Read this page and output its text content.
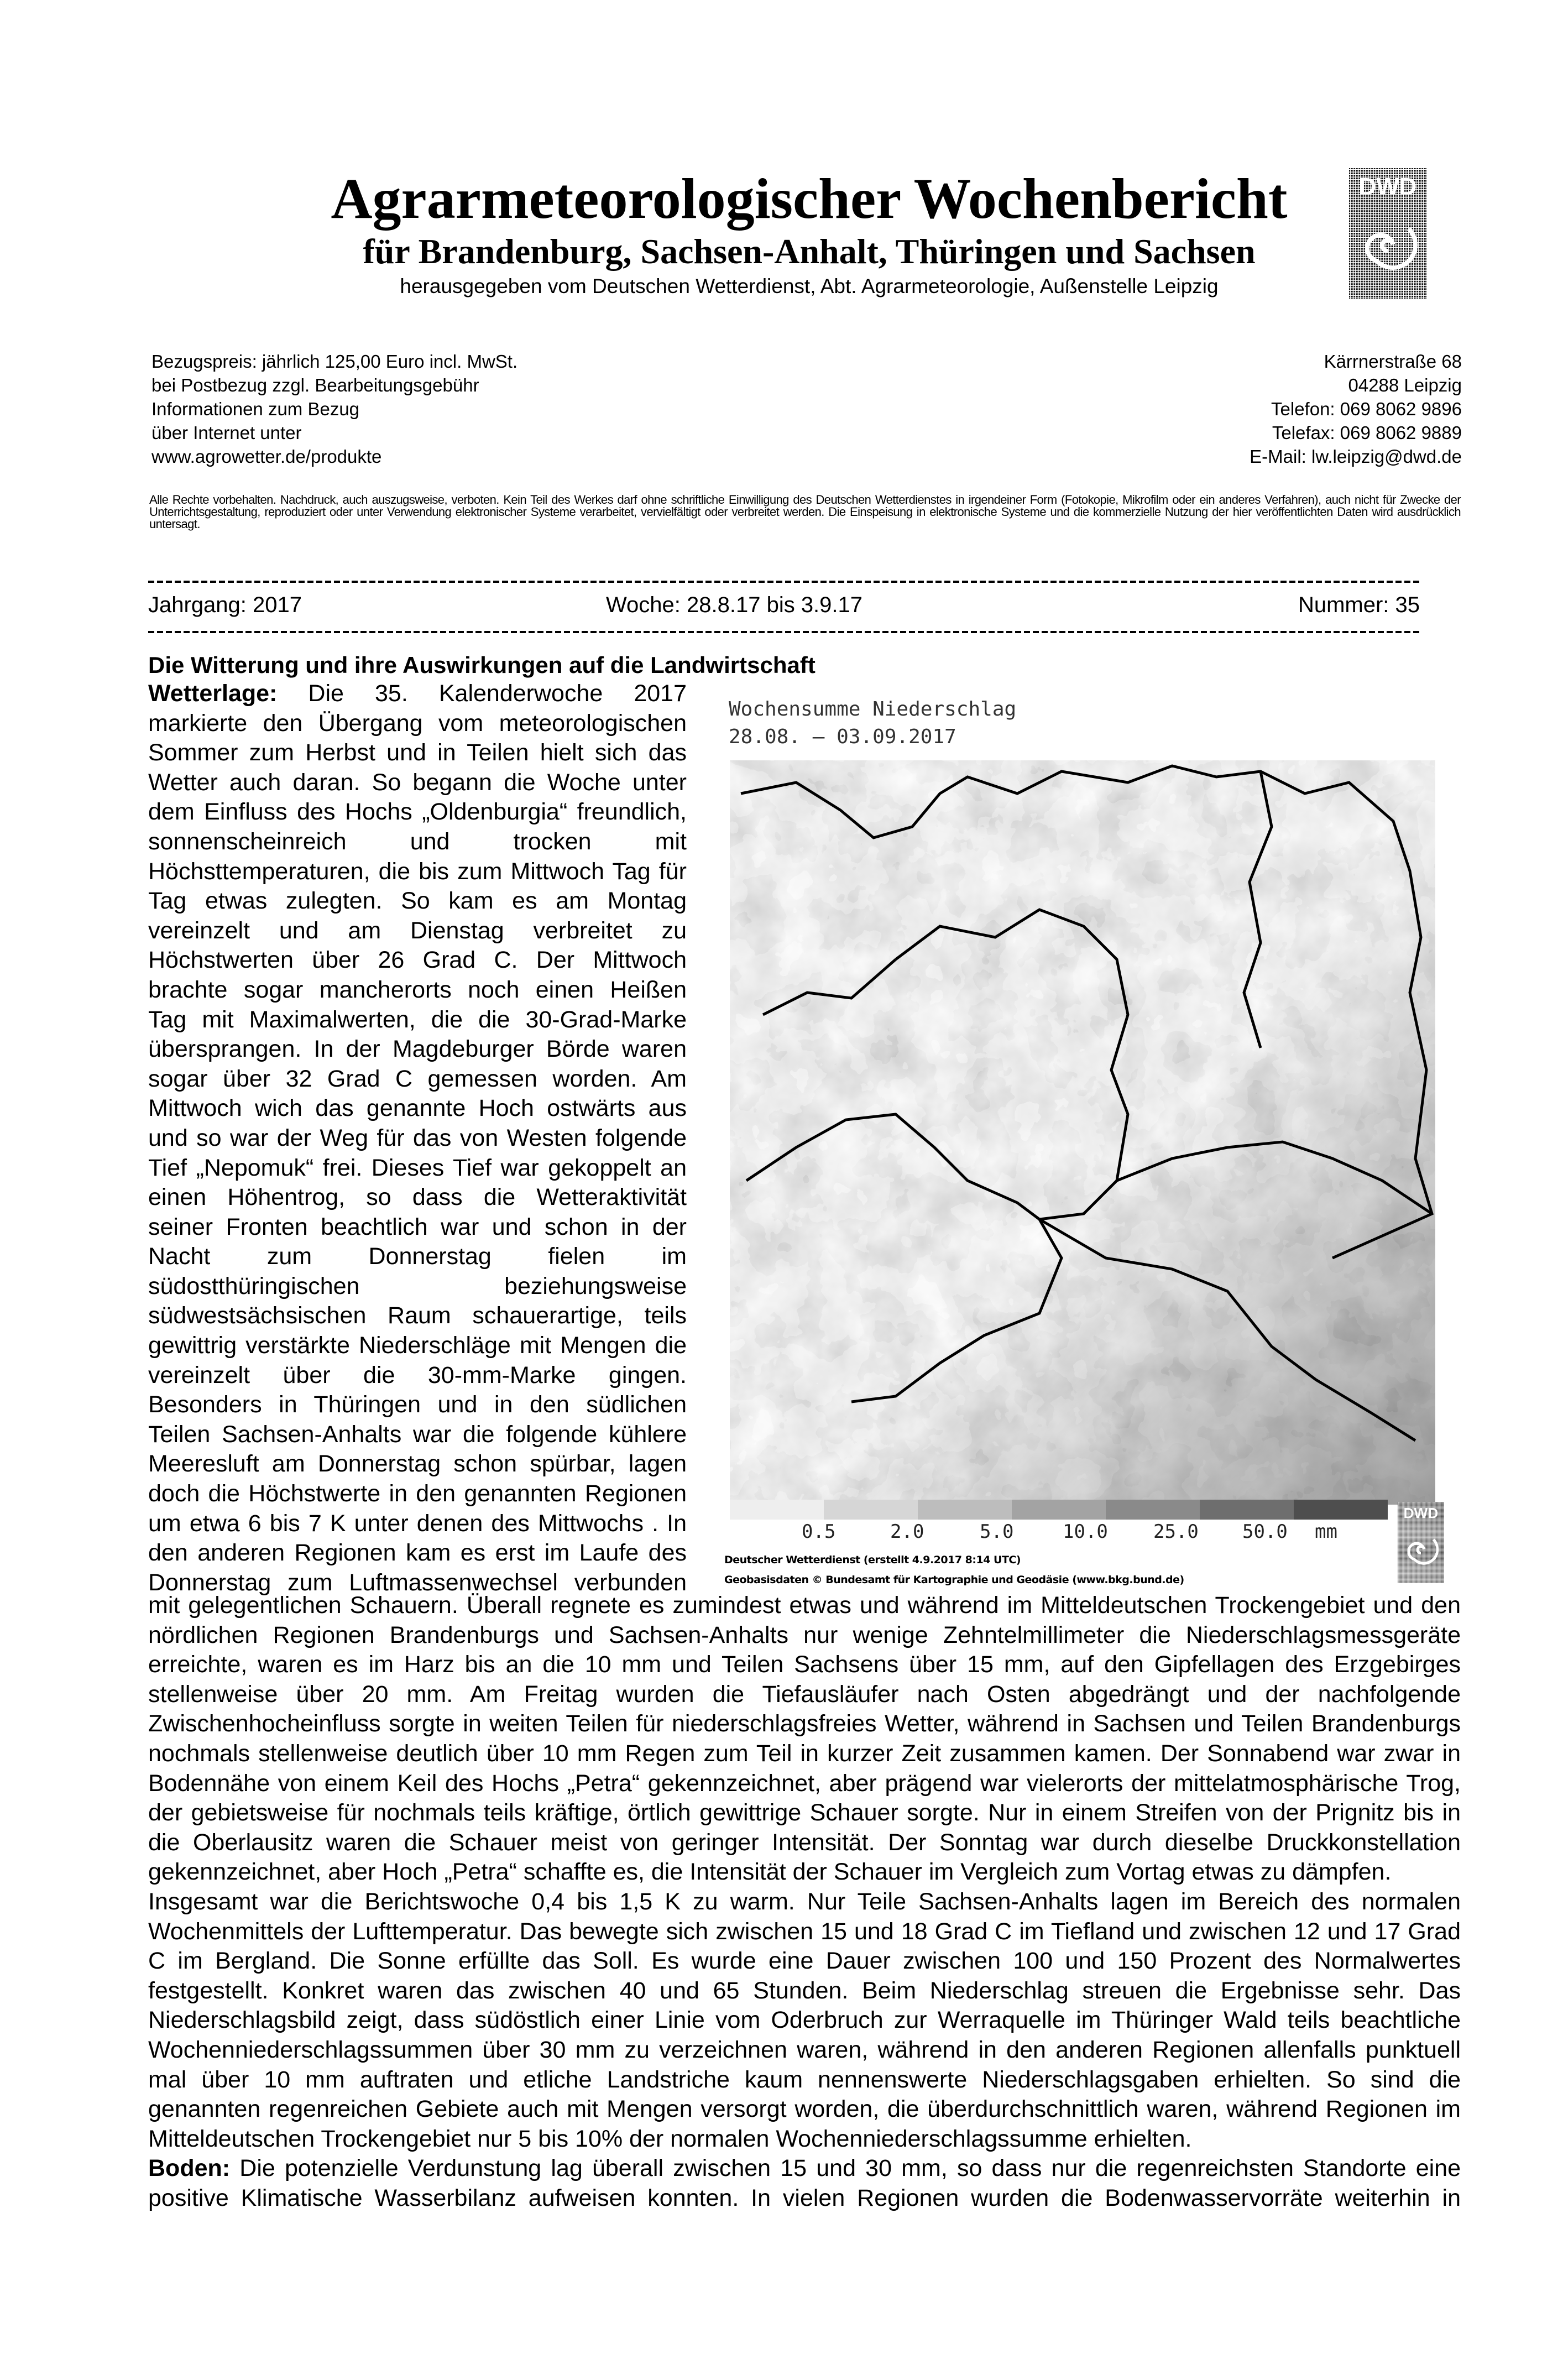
Agrarmeteorologischer Wochenbericht
für Brandenburg, Sachsen-Anhalt, Thüringen und Sachsen
herausgegeben vom Deutschen Wetterdienst, Abt. Agrarmeteorologie, Außenstelle Leipzig
DWD
Bezugspreis: jährlich 125,00 Euro incl. MwSt.
bei Postbezug zzgl. Bearbeitungsgebühr
Informationen zum Bezug
über Internet unter
www.agrowetter.de/produkte
Kärrnerstraße 68
04288 Leipzig
Telefon: 069 8062 9896
Telefax: 069 8062 9889
E-Mail: lw.leipzig@dwd.de
Alle Rechte vorbehalten. Nachdruck, auch auszugsweise, verboten. Kein Teil des Werkes darf ohne schriftliche Einwilligung des Deutschen Wetterdienstes in irgendeiner Form (Fotokopie, Mikrofilm oder ein anderes Verfahren), auch nicht für Zwecke der Unterrichtsgestaltung, reproduziert oder unter Verwendung elektronischer Systeme verarbeitet, vervielfältigt oder verbreitet werden. Die Einspeisung in elektronische Systeme und die kommerzielle Nutzung der hier veröffentlichten Daten wird ausdrücklich untersagt.
Jahrgang: 2017	Woche: 28.8.17 bis 3.9.17	Nummer: 35
Die Witterung und ihre Auswirkungen auf die Landwirtschaft
Wetterlage: Die 35. Kalenderwoche 2017
markierte den Übergang vom meteorologischen
Sommer zum Herbst und in Teilen hielt sich das
Wetter auch daran. So begann die Woche unter
dem Einfluss des Hochs „Oldenburgia“ freundlich,
sonnenscheinreich und trocken mit
Höchsttemperaturen, die bis zum Mittwoch Tag für
Tag etwas zulegten. So kam es am Montag
vereinzelt und am Dienstag verbreitet zu
Höchstwerten über 26 Grad C. Der Mittwoch
brachte sogar mancherorts noch einen Heißen
Tag mit Maximalwerten, die die 30-Grad-Marke
übersprangen. In der Magdeburger Börde waren
sogar über 32 Grad C gemessen worden. Am
Mittwoch wich das genannte Hoch ostwärts aus
und so war der Weg für das von Westen folgende
Tief „Nepomuk“ frei. Dieses Tief war gekoppelt an
einen Höhentrog, so dass die Wetteraktivität
seiner Fronten beachtlich war und schon in der
Nacht zum Donnerstag fielen im
südostthüringischen beziehungsweise
südwestsächsischen Raum schauerartige, teils
gewittrig verstärkte Niederschläge mit Mengen die
vereinzelt über die 30-mm-Marke gingen.
Besonders in Thüringen und in den südlichen
Teilen Sachsen-Anhalts war die folgende kühlere
Meeresluft am Donnerstag schon spürbar, lagen
doch die Höchstwerte in den genannten Regionen
um etwa 6 bis 7 K unter denen des Mittwochs . In
den anderen Regionen kam es erst im Laufe des
Donnerstag zum Luftmassenwechsel verbunden
Wochensumme Niederschlag
28.08. – 03.09.2017
0.5	2.0	5.0	10.0 25.0 50.0 mm
Deutscher Wetterdienst (erstellt 4.9.2017 8:14 UTC)
Geobasisdaten © Bundesamt für Kartographie und Geodäsie (www.bkg.bund.de)
DWD
mit gelegentlichen Schauern. Überall regnete es zumindest etwas und während im Mitteldeutschen Trockengebiet und den
nördlichen Regionen Brandenburgs und Sachsen-Anhalts nur wenige Zehntelmillimeter die Niederschlagsmessgeräte
erreichte, waren es im Harz bis an die 10 mm und Teilen Sachsens über 15 mm, auf den Gipfellagen des Erzgebirges
stellenweise über 20 mm. Am Freitag wurden die Tiefausläufer nach Osten abgedrängt und der nachfolgende
Zwischenhocheinfluss sorgte in weiten Teilen für niederschlagsfreies Wetter, während in Sachsen und Teilen Brandenburgs
nochmals stellenweise deutlich über 10 mm Regen zum Teil in kurzer Zeit zusammen kamen. Der Sonnabend war zwar in
Bodennähe von einem Keil des Hochs „Petra“ gekennzeichnet, aber prägend war vielerorts der mittelatmosphärische Trog,
der gebietsweise für nochmals teils kräftige, örtlich gewittrige Schauer sorgte. Nur in einem Streifen von der Prignitz bis in
die Oberlausitz waren die Schauer meist von geringer Intensität. Der Sonntag war durch dieselbe Druckkonstellation
gekennzeichnet, aber Hoch „Petra“ schaffte es, die Intensität der Schauer im Vergleich zum Vortag etwas zu dämpfen.
Insgesamt war die Berichtswoche 0,4 bis 1,5 K zu warm. Nur Teile Sachsen-Anhalts lagen im Bereich des normalen
Wochenmittels der Lufttemperatur. Das bewegte sich zwischen 15 und 18 Grad C im Tiefland und zwischen 12 und 17 Grad
C im Bergland. Die Sonne erfüllte das Soll. Es wurde eine Dauer zwischen 100 und 150 Prozent des Normalwertes
festgestellt. Konkret waren das zwischen 40 und 65 Stunden. Beim Niederschlag streuen die Ergebnisse sehr. Das
Niederschlagsbild zeigt, dass südöstlich einer Linie vom Oderbruch zur Werraquelle im Thüringer Wald teils beachtliche
Wochenniederschlagssummen über 30 mm zu verzeichnen waren, während in den anderen Regionen allenfalls punktuell
mal über 10 mm auftraten und etliche Landstriche kaum nennenswerte Niederschlagsgaben erhielten. So sind die
genannten regenreichen Gebiete auch mit Mengen versorgt worden, die überdurchschnittlich waren, während Regionen im
Mitteldeutschen Trockengebiet nur 5 bis 10% der normalen Wochenniederschlagssumme erhielten.
Boden: Die potenzielle Verdunstung lag überall zwischen 15 und 30 mm, so dass nur die regenreichsten Standorte eine
positive Klimatische Wasserbilanz aufweisen konnten. In vielen Regionen wurden die Bodenwasservorräte weiterhin in
